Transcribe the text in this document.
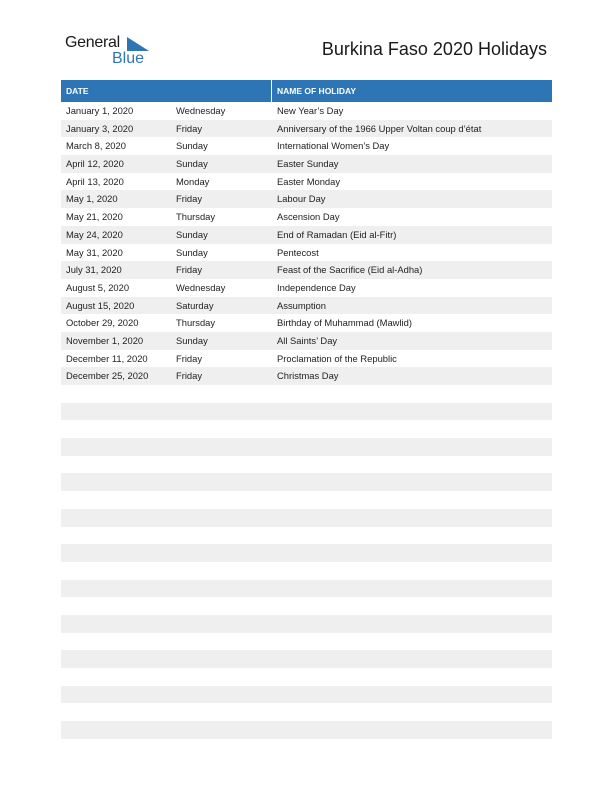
General
Blue	Burkina Faso 2020 Holidays
DATE	NAME OF HOLIDAY
January 1, 2020	Wednesday	New Year’s Day
January 3, 2020	Friday	Anniversary of the 1966 Upper Voltan coup d’état
March 8, 2020	Sunday	International Women’s Day
April 12, 2020	Sunday	Easter Sunday
April 13, 2020	Monday	Easter Monday
May 1, 2020	Friday	Labour Day
May 21, 2020	Thursday	Ascension Day
May 24, 2020	Sunday	End of Ramadan (Eid al-Fitr)
May 31, 2020	Sunday	Pentecost
July 31, 2020	Friday	Feast of the Sacrifice (Eid al-Adha)
August 5, 2020	Wednesday	Independence Day
August 15, 2020	Saturday	Assumption
October 29, 2020	Thursday	Birthday of Muhammad (Mawlid)
November 1, 2020	Sunday	All Saints’ Day
December 11, 2020	Friday	Proclamation of the Republic
December 25, 2020	Friday	Christmas Day
